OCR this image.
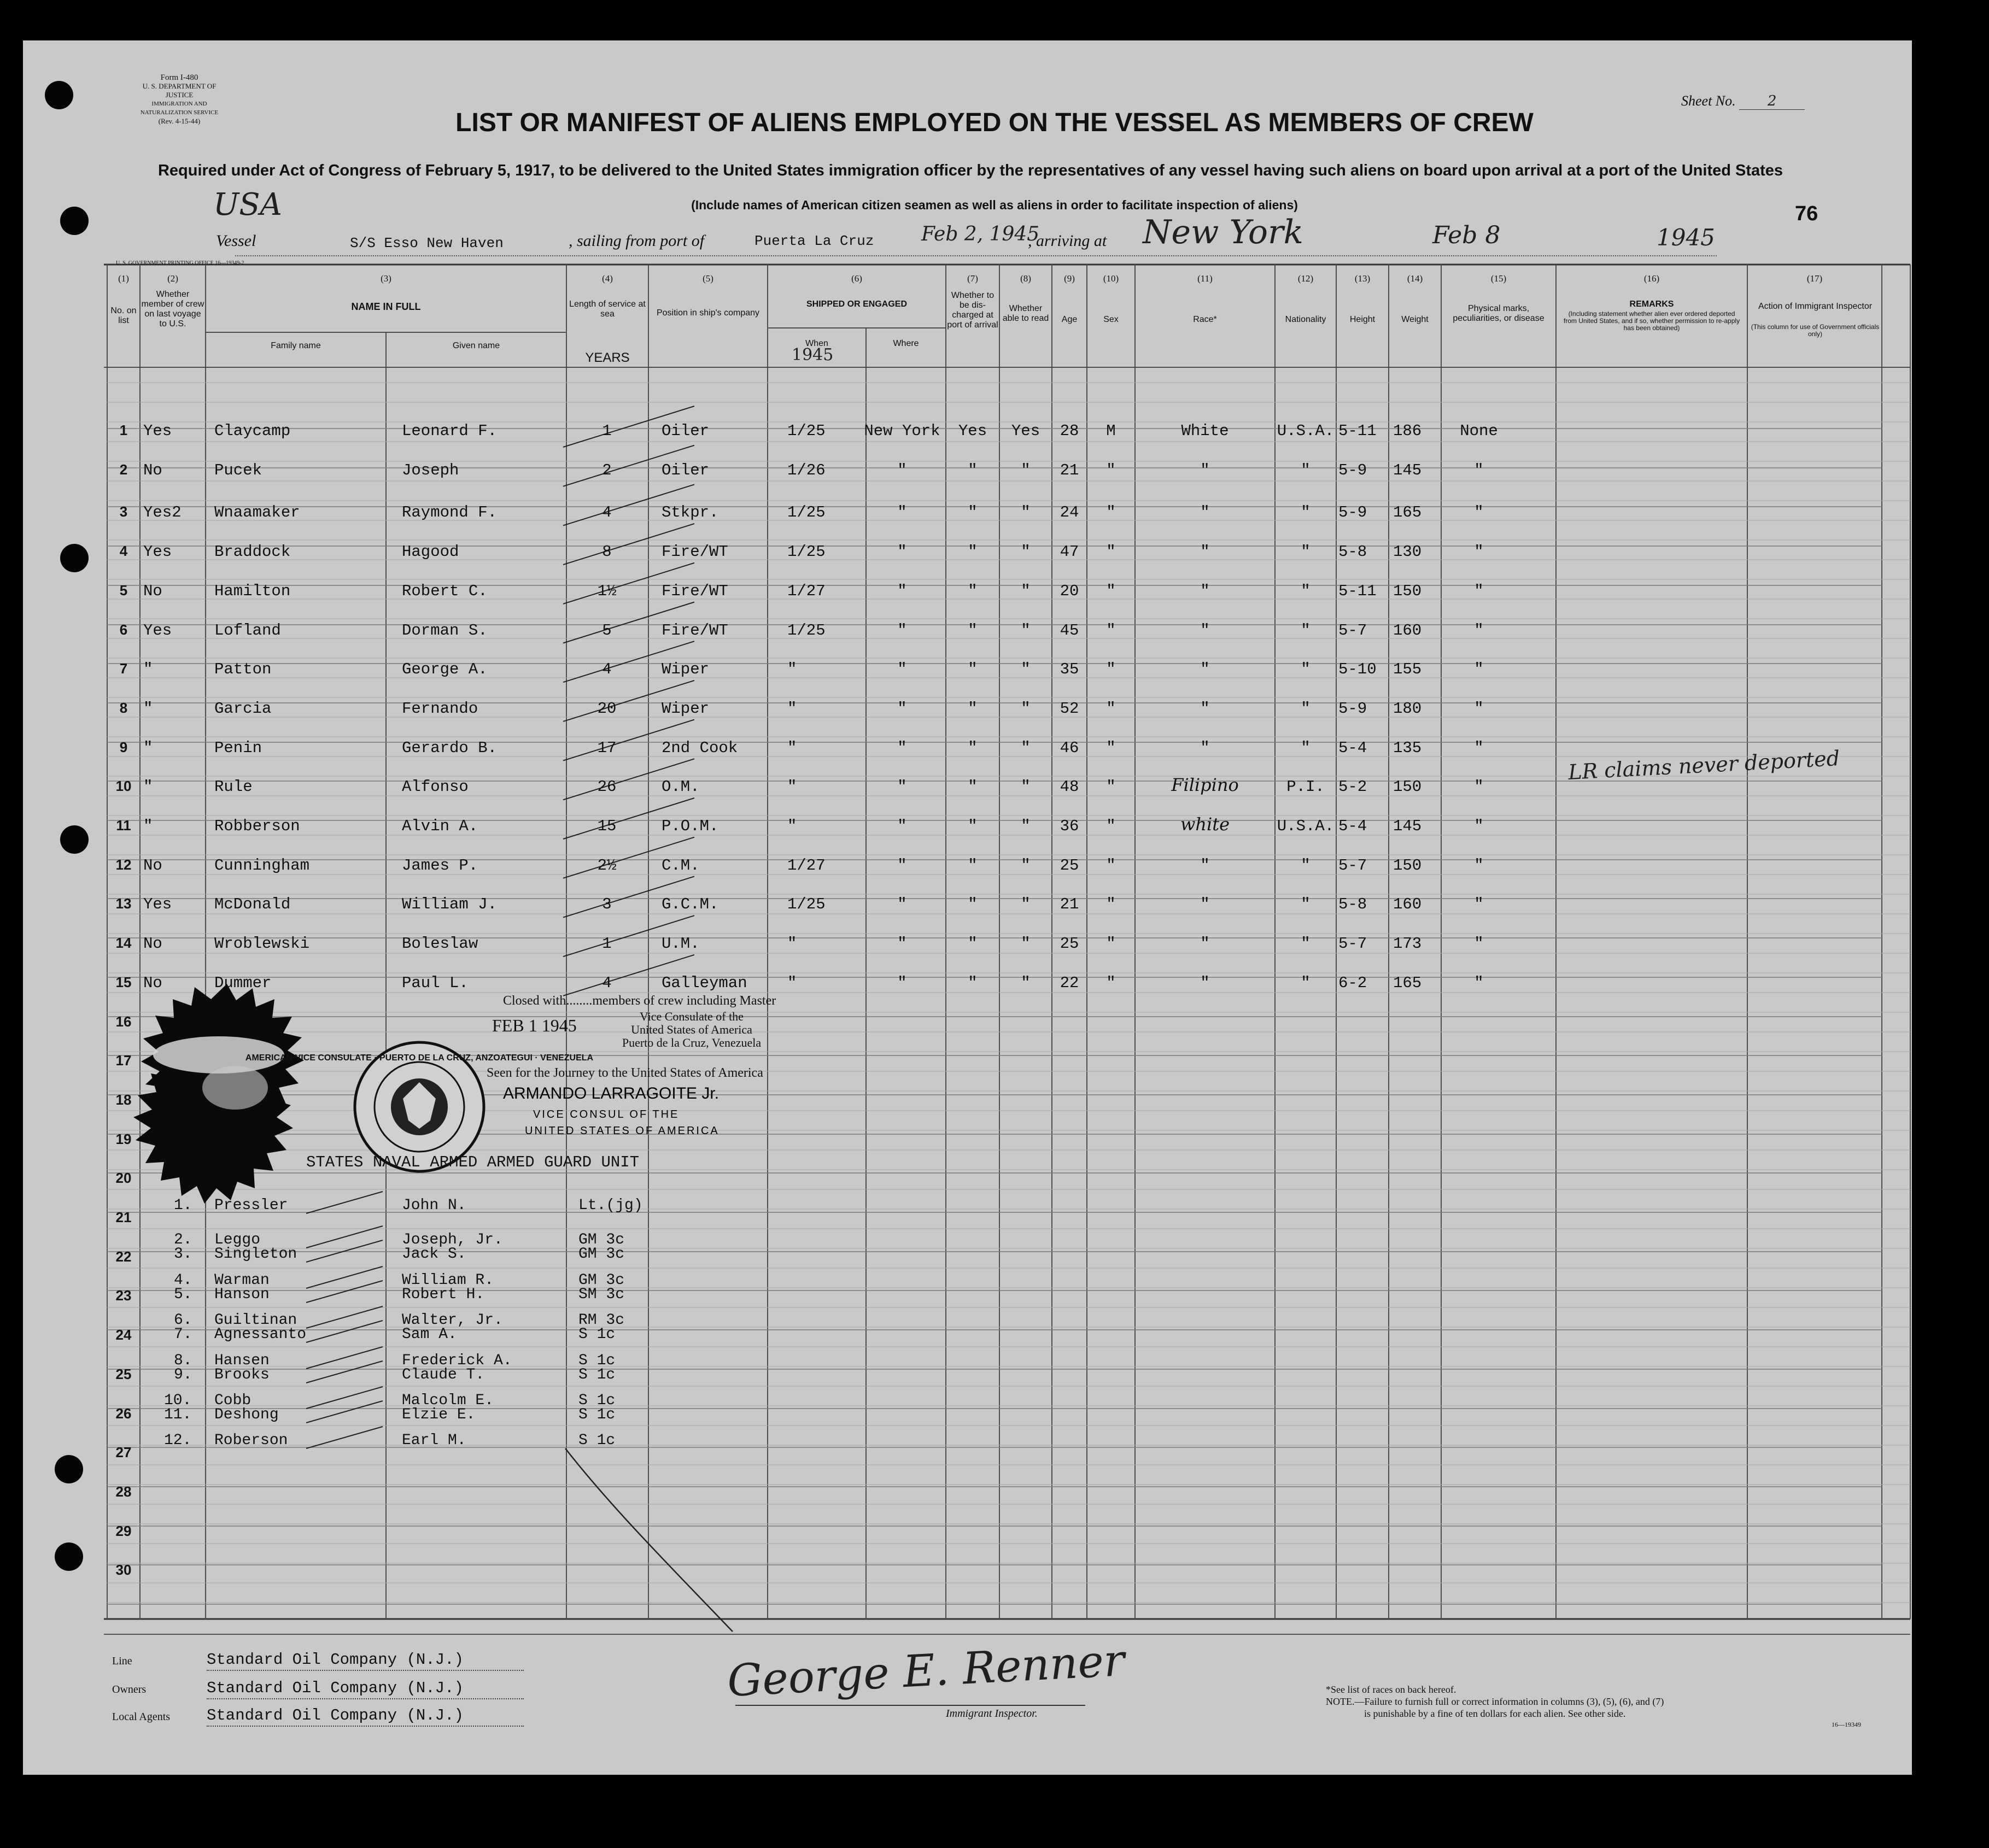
Form I-480
U. S. DEPARTMENT OF JUSTICE
IMMIGRATION AND NATURALIZATION SERVICE
(Rev. 4-15-44)
Sheet No. 2
LIST OR MANIFEST OF ALIENS EMPLOYED ON THE VESSEL AS MEMBERS OF CREW
Required under Act of Congress of February 5, 1917, to be delivered to the United States immigration officer by the representatives of any vessel having such aliens on board upon arrival at a port of the United States
(Include names of American citizen seamen as well as aliens in order to facilitate inspection of aliens)	76
USA
Vessel	S/S Esso New Haven	, sailing from port of	Puerta La Cruz Feb 2, 1945
, arriving at New York	Feb 8	1945
U. S. GOVERNMENT PRINTING OFFICE 16—19349-2
(1)	(2)	(3)	(4)	(5)	(6)	(7)	(8)	(9)	(10)	(11)	(12)	(13)	(14)	(15)	(16)	(17)
No. on list
Whether member of crew on last voyage to U.S.
NAME IN FULL
Family name	Given name
Length of service at sea
YEARS
Position in ship's company
SHIPPED OR ENGAGED
When
1945
Where
Whether to be dis-charged at port of arrival
Whether able to read	Age	Sex	Race*	Nationality	Height	Weight
Physical marks, peculiarities, or disease
REMARKS
(Including statement whether alien ever ordered deported from United States, and if so, whether permission to re-apply has been obtained)
Action of Immigrant Inspector
(This column for use of Government officials only)
1 Yes	Claycamp	Leonard F.	1	Oiler	1/25	New York	Yes	Yes	28	M	White	U.S.A. 5-11	186	None
2 No	Pucek	Joseph	2	Oiler	1/26	"	"	"	21	"	"	"	5-9	145	"
3 Yes2	Wnaamaker	Raymond F.	4	Stkpr.	1/25	"	"	"	24	"	"	"	5-9	165	"
4 Yes	Braddock	Hagood	8	Fire/WT	1/25	"	"	"	47	"	"	"	5-8	130	"
5 No	Hamilton	Robert C.	1½	Fire/WT	1/27	"	"	"	20	"	"	"	5-11	150	"
6 Yes	Lofland	Dorman S.	5	Fire/WT	1/25	"	"	"	45	"	"	"	5-7	160	"
7 "	Patton	George A.	4	Wiper	"	"	"	"	35	"	"	"	5-10	155	"
8 "	Garcia	Fernando	20	Wiper	"	"	"	"	52	"	"	"	5-9	180	"
9 "	Penin	Gerardo B.	17	2nd Cook	"	"	"	"	46	"	"	"	5-4	135	"
10 "	Rule	Alfonso	26	O.M.	"	"	"	"	48	"	Filipino	P.I. 5-2	150	"
11 "	Robberson	Alvin A.	15	P.O.M.	"	"	"	"	36	"	white	U.S.A. 5-4	145	"
12 No	Cunningham	James P.	2½	C.M.	1/27	"	"	"	25	"	"	"	5-7	150	"
13 Yes	McDonald	William J.	3	G.C.M.	1/25	"	"	"	21	"	"	"	5-8	160	"
14 No	Wroblewski	Boleslaw	1	U.M.	"	"	"	"	25	"	"	"	5-7	173	"
15 No	Dummer	Paul L.	4	Galleyman	"	"	"	"	22	"	"	"	6-2	165	"
LR claims never deported
16
17
18
19
20
21
22
23
24
25
26
27
28
29
30
Closed with........members of crew including Master
FEB 1 1945	Vice Consulate of the
United States of America
Puerto de la Cruz, Venezuela
Seen for the Journey to the United States of America
ARMANDO LARRAGOITE Jr.
VICE CONSUL OF THE
UNITED STATES OF AMERICA
AMERICAN VICE CONSULATE · PUERTO DE LA CRUZ, ANZOATEGUI · VENEZUELA
STATES NAVAL ARMED ARMED GUARD UNIT
1. Pressler	John N.	Lt.(jg)
2. Leggo	Joseph, Jr.	GM 3c
3. Singleton	Jack S.	GM 3c
4. Warman	William R.	GM 3c
5. Hanson	Robert H.	SM 3c
6. Guiltinan	Walter, Jr.	RM 3c
7. Agnessanto	Sam A.	S 1c
8. Hansen	Frederick A.	S 1c
9. Brooks	Claude T.	S 1c
10. Cobb	Malcolm E.	S 1c
11. Deshong	Elzie E.	S 1c
12. Roberson	Earl M.	S 1c
Line	Standard Oil Company (N.J.)
Owners	Standard Oil Company (N.J.)
Local Agents Standard Oil Company (N.J.)
George E. Renner
Immigrant Inspector.
*See list of races on back hereof.
NOTE.—Failure to furnish full or correct information in columns (3), (5), (6), and (7)
is punishable by a fine of ten dollars for each alien. See other side.
16—19349
